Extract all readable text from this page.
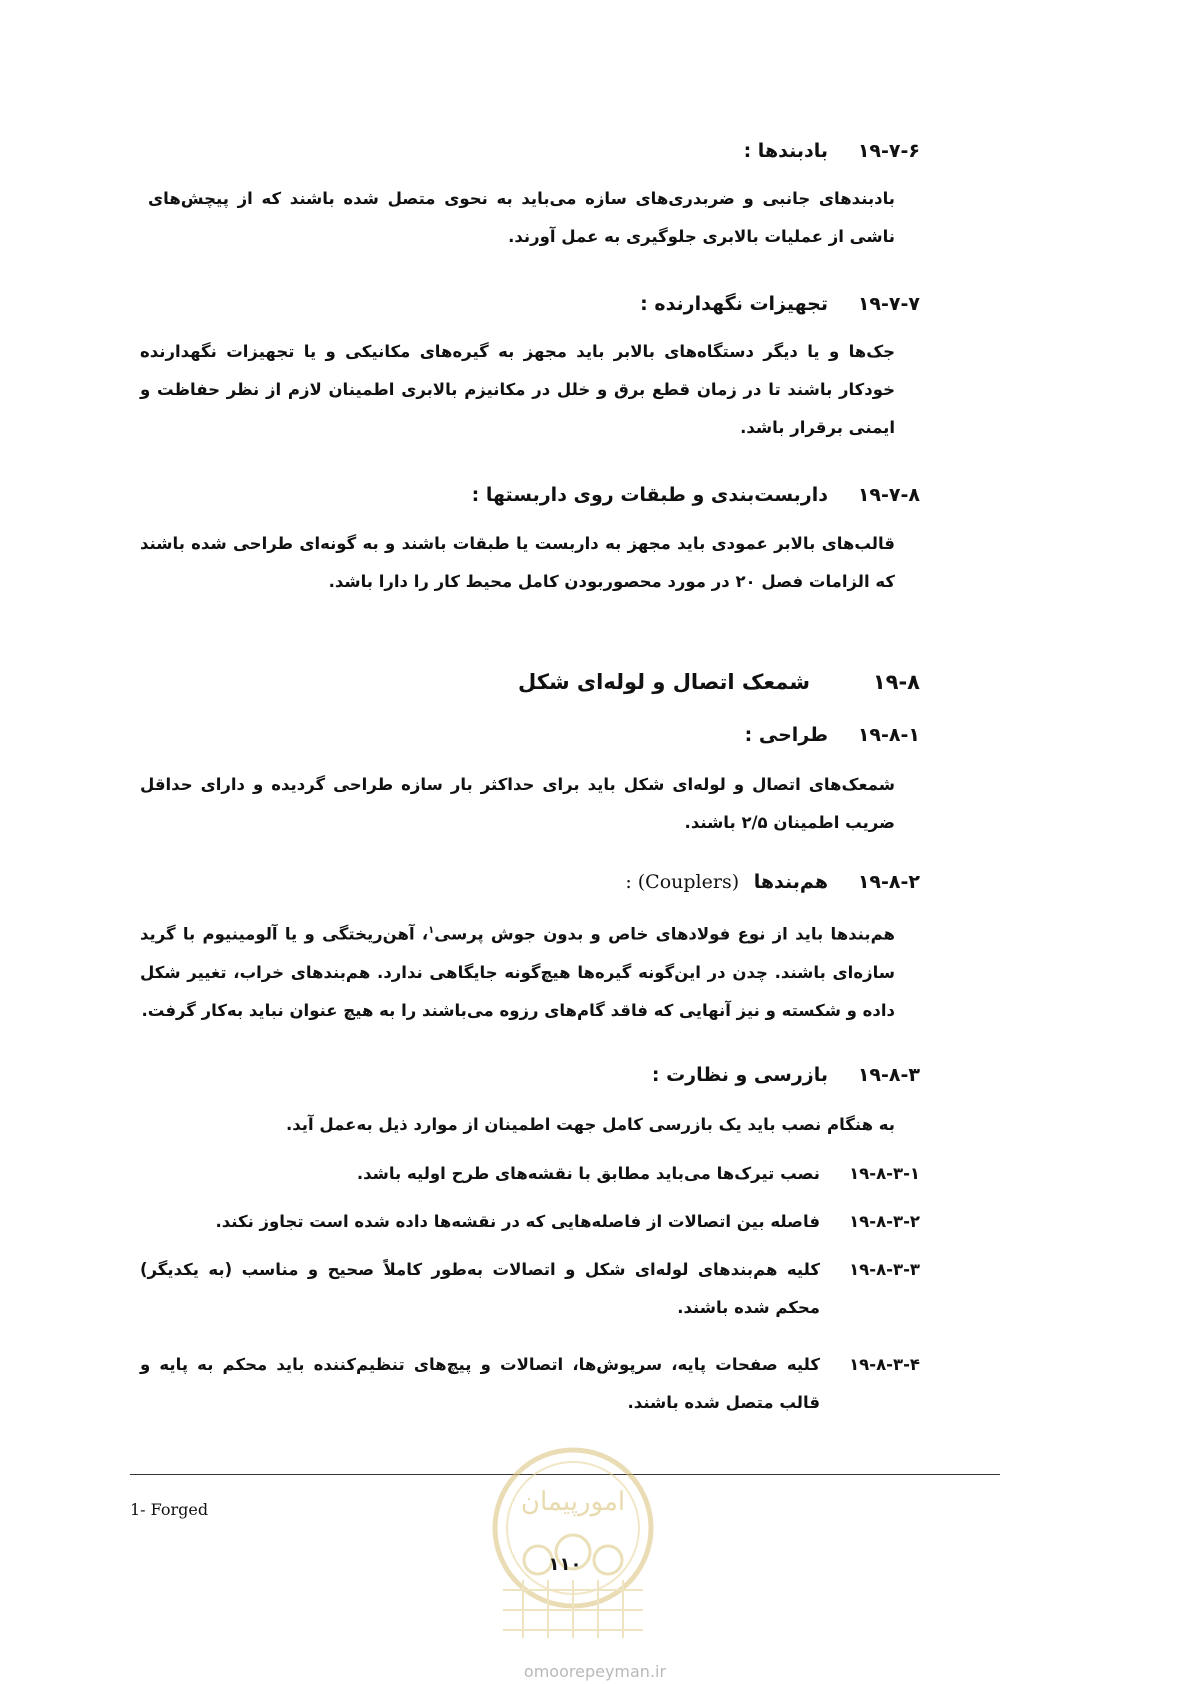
۱۹-۷-۶بادبندها :
بادبندهای جانبی و ضربدری‌های سازه می‌باید به نحوی متصل شده باشند که از پیچش‌های ناشی از عملیات بالابری جلوگیری به عمل آورند.
۱۹-۷-۷تجهیزات نگهدارنده :
جک‌ها و یا دیگر دستگاه‌های بالابر باید مجهز به گیره‌های مکانیکی و یا تجهیزات نگهدارنده خودکار باشند تا در زمان قطع برق و خلل در مکانیزم بالابری اطمینان لازم از نظر حفاظت و ایمنی برقرار باشد.
۱۹-۷-۸داربست‌بندی و طبقات روی داربستها :
قالب‌های بالابر عمودی باید مجهز به داربست یا طبقات باشند و به گونه‌ای طراحی شده باشند که الزامات فصل ۲۰ در مورد محصوربودن کامل محیط کار را دارا باشد.
۱۹-۸شمعک اتصال و لوله‌ای شکل
۱۹-۸-۱طراحی :
شمعک‌های اتصال و لوله‌ای شکل باید برای حداکثر بار سازه طراحی گردیده و دارای حداقل ضریب اطمینان ۲/۵ باشند.
۱۹-۸-۲هم‌بندها (Couplers) :
هم‌بندها باید از نوع فولادهای خاص و بدون جوش پرسی$^۱$، آهن‌ریختگی و یا آلومینیوم با گرید سازه‌ای باشند. چدن در این‌گونه گیره‌ها هیچ‌گونه جایگاهی ندارد. هم‌بندهای خراب، تغییر شکل داده و شکسته و نیز آنهایی که فاقد گام‌های رزوه می‌باشند را به هیچ عنوان نباید به‌کار گرفت.
۱۹-۸-۳بازرسی و نظارت :
به هنگام نصب باید یک بازرسی کامل جهت اطمینان از موارد ذیل به‌عمل آید.
۱۹-۸-۳-۱
نصب تیرک‌ها می‌باید مطابق با نقشه‌های طرح اولیه باشد.
۱۹-۸-۳-۲
فاصله بین اتصالات از فاصله‌هایی که در نقشه‌ها داده شده است تجاوز نکند.
۱۹-۸-۳-۳
کلیه هم‌بندهای لوله‌ای شکل و اتصالات به‌طور کاملاً صحیح و مناسب (به یکدیگر) محکم شده باشند.
۱۹-۸-۳-۴
کلیه صفحات پایه، سرپوش‌ها، اتصالات و پیچ‌های تنظیم‌کننده باید محکم به پایه و قالب متصل شده باشند.
1- Forged	امورپیمان
۱۱۰
omoorepeyman.ir
